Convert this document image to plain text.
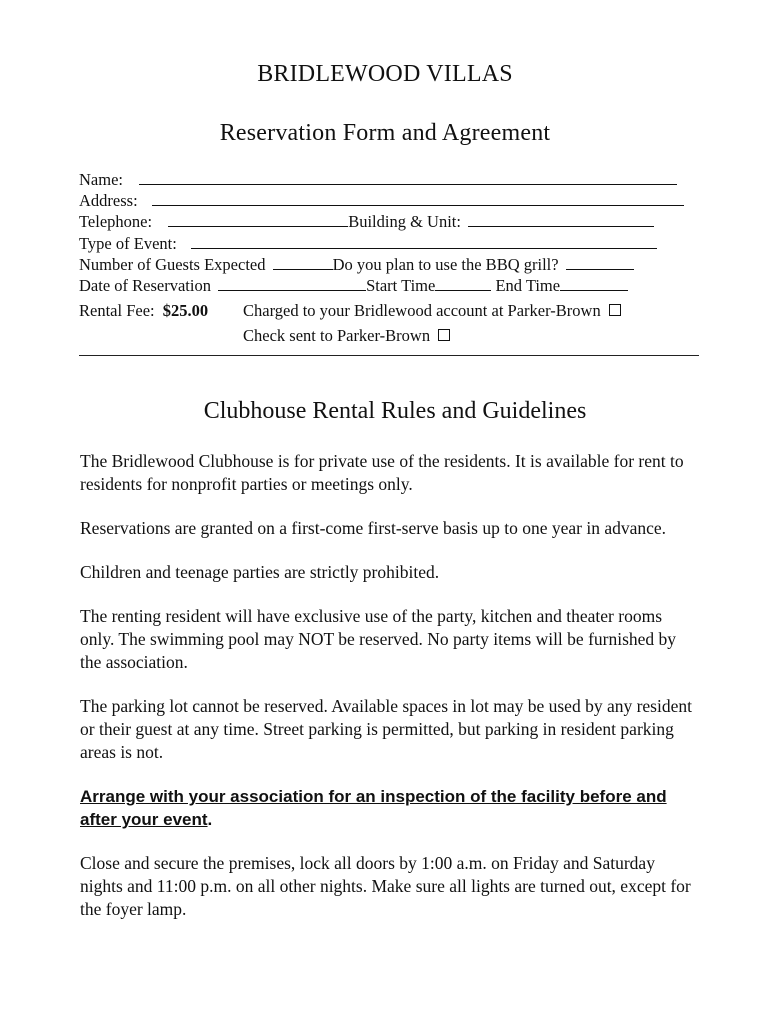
BRIDLEWOOD VILLAS
Reservation Form and Agreement
Name:
Address:
Telephone:	Building & Unit:
Type of Event:
Number of Guests Expected	Do you plan to use the BBQ grill?
Date of Reservation	Start Time	End Time
Rental Fee: $25.00 Charged to your Bridlewood account at Parker-Brown
Check sent to Parker-Brown
Clubhouse Rental Rules and Guidelines

The Bridlewood Clubhouse is for private use of the residents. It is available for rent to residents for nonprofit parties or meetings only.

Reservations are granted on a first-come first-serve basis up to one year in advance.

Children and teenage parties are strictly prohibited.

The renting resident will have exclusive use of the party, kitchen and theater rooms only. The swimming pool may NOT be reserved. No party items will be furnished by the association.

The parking lot cannot be reserved. Available spaces in lot may be used by any resident or their guest at any time. Street parking is permitted, but parking in resident parking areas is not.

Arrange with your association for an inspection of the facility before and after your event.

Close and secure the premises, lock all doors by 1:00 a.m. on Friday and Saturday nights and 11:00 p.m. on all other nights. Make sure all lights are turned out, except for the foyer lamp.
